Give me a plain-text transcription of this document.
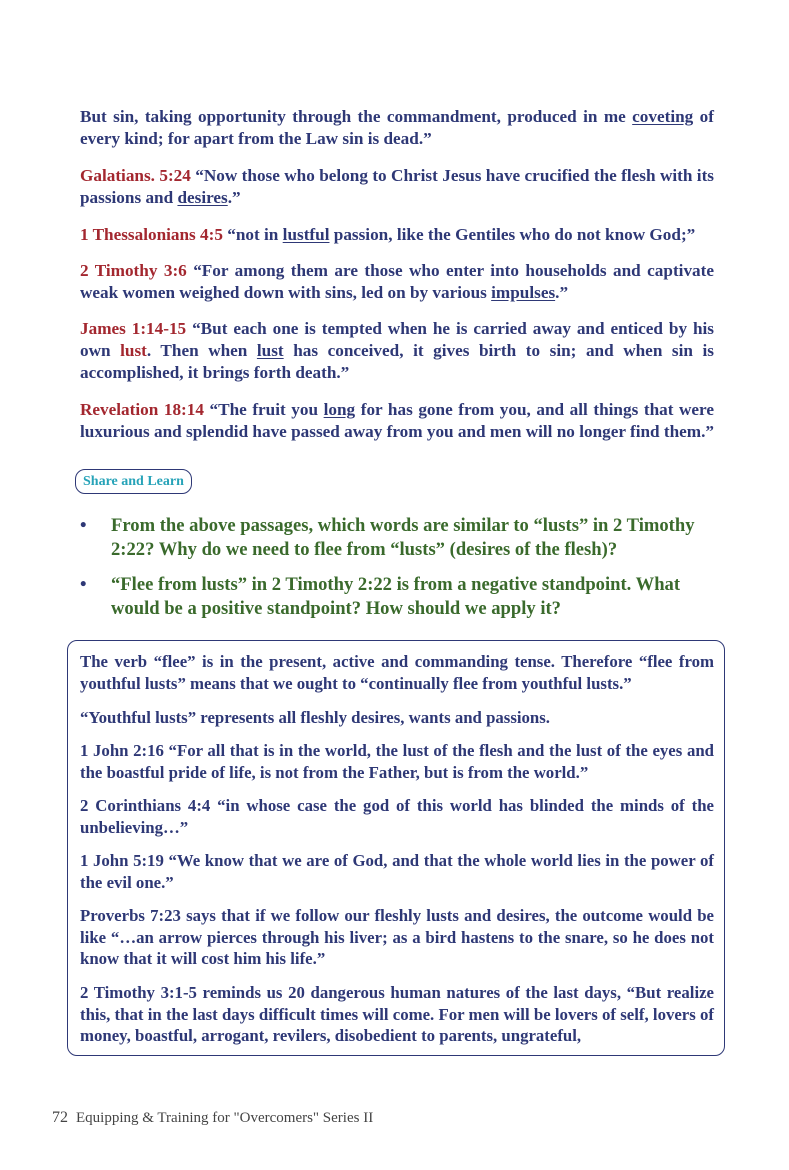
But sin, taking opportunity through the commandment, produced in me coveting of every kind; for apart from the Law sin is dead.”

Galatians. 5:24 “Now those who belong to Christ Jesus have crucified the flesh with its passions and desires.”

1 Thessalonians 4:5 “not in lustful passion, like the Gentiles who do not know God;”

2 Timothy 3:6 “For among them are those who enter into households and captivate weak women weighed down with sins, led on by various impulses.”

James 1:14-15 “But each one is tempted when he is carried away and enticed by his own lust. Then when lust has conceived, it gives birth to sin; and when sin is accomplished, it brings forth death.”

Revelation 18:14 “The fruit you long for has gone from you, and all things that were luxurious and splendid have passed away from you and men will no longer find them.”

Share and Learn
• From the above passages, which words are similar to “lusts” in 2 Timothy 2:22? Why do we need to flee from “lusts” (desires of the flesh)?
• “Flee from lusts” in 2 Timothy 2:22 is from a negative standpoint. What would be a positive standpoint? How should we apply it?

The verb “flee” is in the present, active and commanding tense. Therefore “flee from youthful lusts” means that we ought to “continually flee from youthful lusts.”

“Youthful lusts” represents all fleshly desires, wants and passions.

1 John 2:16 “For all that is in the world, the lust of the flesh and the lust of the eyes and the boastful pride of life, is not from the Father, but is from the world.”

2 Corinthians 4:4 “in whose case the god of this world has blinded the minds of the unbelieving…”

1 John 5:19 “We know that we are of God, and that the whole world lies in the power of the evil one.”

Proverbs 7:23 says that if we follow our fleshly lusts and desires, the outcome would be like “…an arrow pierces through his liver; as a bird hastens to the snare, so he does not know that it will cost him his life.”

2 Timothy 3:1-5 reminds us 20 dangerous human natures of the last days, “But realize this, that in the last days difficult times will come. For men will be lovers of self, lovers of money, boastful, arrogant, revilers, disobedient to parents, ungrateful,

72 Equipping & Training for "Overcomers" Series II
